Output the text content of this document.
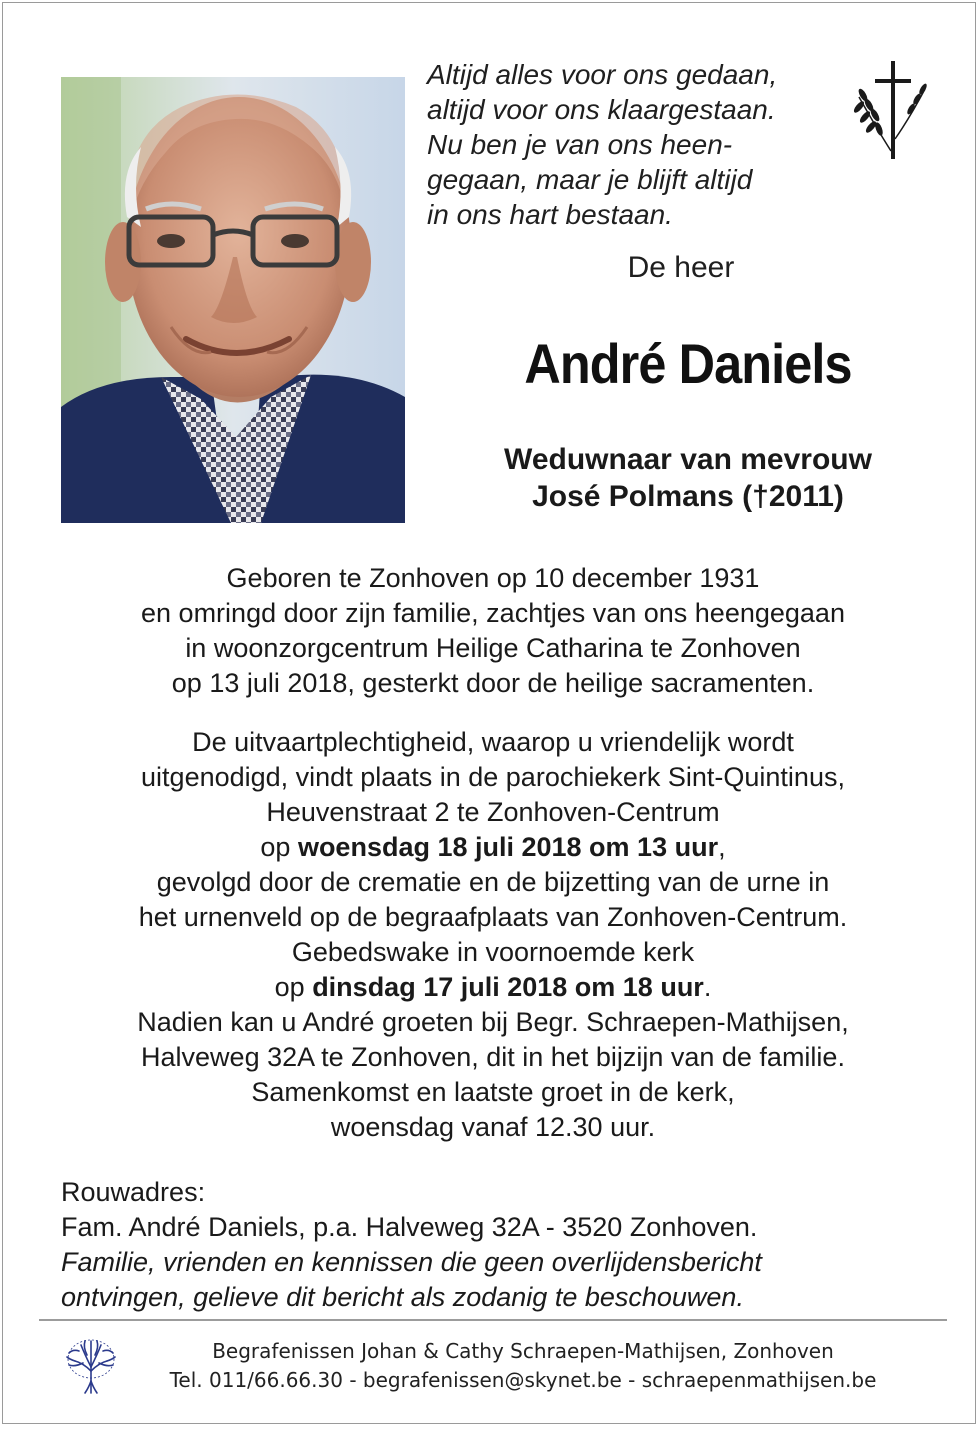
Altijd alles voor ons gedaan,
altijd voor ons klaargestaan.
Nu ben je van ons heen-
gegaan, maar je blijft altijd
in ons hart bestaan.
De heer
André Daniels
Weduwnaar van mevrouw
José Polmans (†2011)
Geboren te Zonhoven op 10 december 1931
en omringd door zijn familie, zachtjes van ons heengegaan
in woonzorgcentrum Heilige Catharina te Zonhoven
op 13 juli 2018, gesterkt door de heilige sacramenten.
De uitvaartplechtigheid, waarop u vriendelijk wordt
uitgenodigd, vindt plaats in de parochiekerk Sint-Quintinus,
Heuvenstraat 2 te Zonhoven-Centrum
op woensdag 18 juli 2018 om 13 uur,
gevolgd door de crematie en de bijzetting van de urne in
het urnenveld op de begraafplaats van Zonhoven-Centrum.
Gebedswake in voornoemde kerk
op dinsdag 17 juli 2018 om 18 uur.
Nadien kan u André groeten bij Begr. Schraepen-Mathijsen,
Halveweg 32A te Zonhoven, dit in het bijzijn van de familie.
Samenkomst en laatste groet in de kerk,
woensdag vanaf 12.30 uur.
Rouwadres:
Fam. André Daniels, p.a. Halveweg 32A - 3520 Zonhoven.
Familie, vrienden en kennissen die geen overlijdensbericht
ontvingen, gelieve dit bericht als zodanig te beschouwen.
Begrafenissen Johan & Cathy Schraepen-Mathijsen, Zonhoven
Tel. 011/66.66.30 - begrafenissen@skynet.be - schraepenmathijsen.be
